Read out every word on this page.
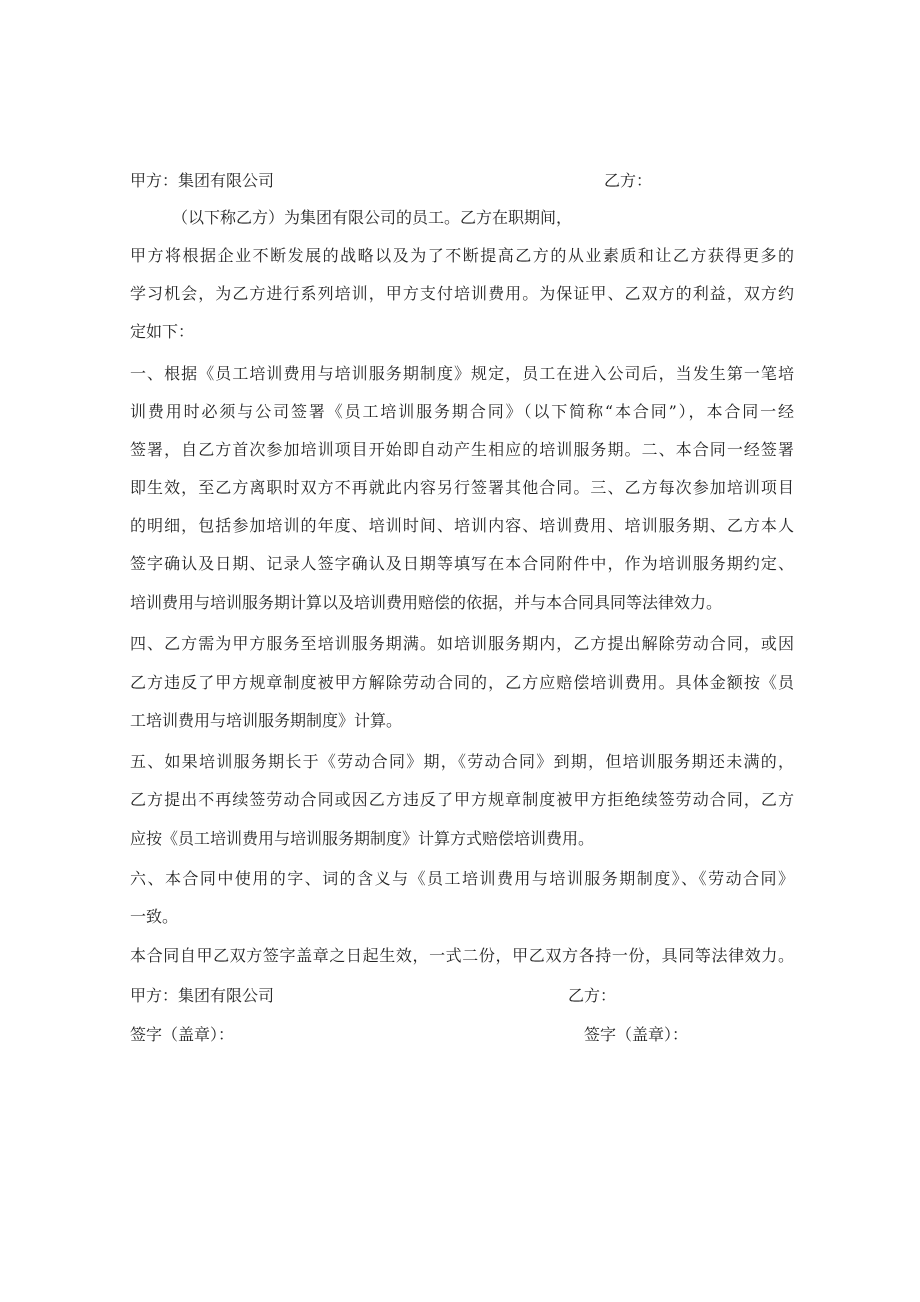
甲方：集团有限公司	乙方：
（以下称乙方）为集团有限公司的员工。乙方在职期间，
甲方将根据企业不断发展的战略以及为了不断提高乙方的从业素质和让乙方获得更多的
学习机会，为乙方进行系列培训，甲方支付培训费用。为保证甲、乙双方的利益，双方约
定如下：
一、根据《员工培训费用与培训服务期制度》规定，员工在进入公司后，当发生第一笔培
训费用时必须与公司签署《员工培训服务期合同》（以下简称“本合同”），本合同一经
签署，自乙方首次参加培训项目开始即自动产生相应的培训服务期。二、本合同一经签署
即生效，至乙方离职时双方不再就此内容另行签署其他合同。三、乙方每次参加培训项目
的明细，包括参加培训的年度、培训时间、培训内容、培训费用、培训服务期、乙方本人
签字确认及日期、记录人签字确认及日期等填写在本合同附件中，作为培训服务期约定、
培训费用与培训服务期计算以及培训费用赔偿的依据，并与本合同具同等法律效力。
四、乙方需为甲方服务至培训服务期满。如培训服务期内，乙方提出解除劳动合同，或因
乙方违反了甲方规章制度被甲方解除劳动合同的，乙方应赔偿培训费用。具体金额按《员
工培训费用与培训服务期制度》计算。
五、如果培训服务期长于《劳动合同》期，《劳动合同》到期，但培训服务期还未满的，
乙方提出不再续签劳动合同或因乙方违反了甲方规章制度被甲方拒绝续签劳动合同，乙方
应按《员工培训费用与培训服务期制度》计算方式赔偿培训费用。
六、本合同中使用的字、词的含义与《员工培训费用与培训服务期制度》、《劳动合同》
一致。
本合同自甲乙双方签字盖章之日起生效，一式二份，甲乙双方各持一份，具同等法律效力。
甲方：集团有限公司	乙方：
签字（盖章）：	签字（盖章）：
